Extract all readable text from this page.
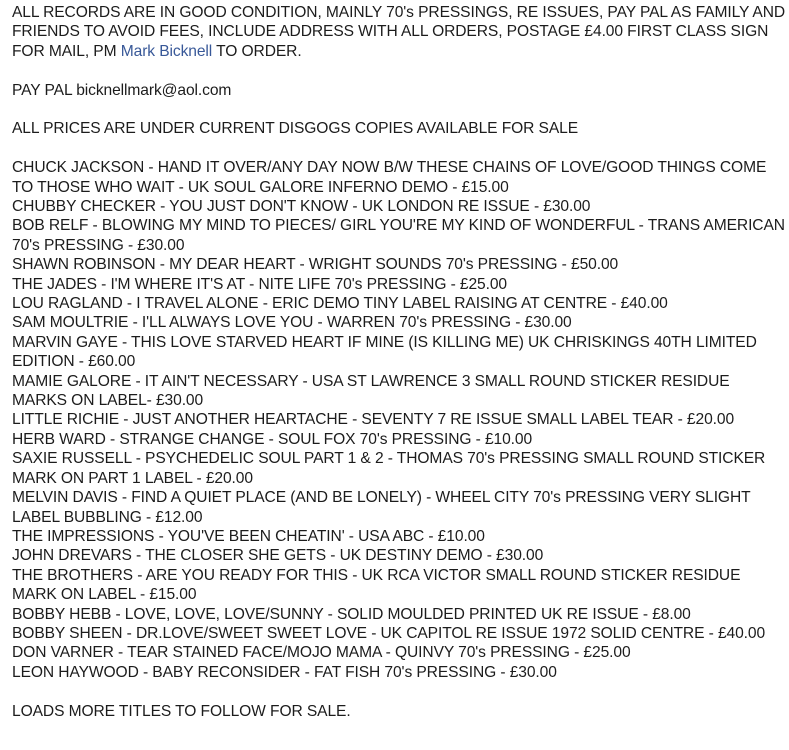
ALL RECORDS ARE IN GOOD CONDITION, MAINLY 70's PRESSINGS, RE ISSUES, PAY PAL AS FAMILY AND FRIENDS TO AVOID FEES, INCLUDE ADDRESS WITH ALL ORDERS, POSTAGE £4.00 FIRST CLASS SIGN FOR MAIL, PM Mark Bicknell TO ORDER.

PAY PAL bicknellmark@aol.com

ALL PRICES ARE UNDER CURRENT DISGOGS COPIES AVAILABLE FOR SALE

CHUCK JACKSON - HAND IT OVER/ANY DAY NOW B/W THESE CHAINS OF LOVE/GOOD THINGS COME TO THOSE WHO WAIT - UK SOUL GALORE INFERNO DEMO - £15.00

CHUBBY CHECKER - YOU JUST DON'T KNOW - UK LONDON RE ISSUE - £30.00

BOB RELF - BLOWING MY MIND TO PIECES/ GIRL YOU'RE MY KIND OF WONDERFUL - TRANS AMERICAN 70's PRESSING - £30.00

SHAWN ROBINSON - MY DEAR HEART - WRIGHT SOUNDS 70's PRESSING - £50.00

THE JADES - I'M WHERE IT'S AT - NITE LIFE 70's PRESSING - £25.00

LOU RAGLAND - I TRAVEL ALONE - ERIC DEMO TINY LABEL RAISING AT CENTRE - £40.00

SAM MOULTRIE - I'LL ALWAYS LOVE YOU - WARREN 70's PRESSING - £30.00

MARVIN GAYE - THIS LOVE STARVED HEART IF MINE (IS KILLING ME) UK CHRISKINGS 40TH LIMITED EDITION - £60.00

MAMIE GALORE - IT AIN'T NECESSARY - USA ST LAWRENCE 3 SMALL ROUND STICKER RESIDUE MARKS ON LABEL- £30.00

LITTLE RICHIE - JUST ANOTHER HEARTACHE - SEVENTY 7 RE ISSUE SMALL LABEL TEAR - £20.00

HERB WARD - STRANGE CHANGE - SOUL FOX 70's PRESSING - £10.00

SAXIE RUSSELL - PSYCHEDELIC SOUL PART 1 & 2 - THOMAS 70's PRESSING SMALL ROUND STICKER MARK ON PART 1 LABEL - £20.00

MELVIN DAVIS - FIND A QUIET PLACE (AND BE LONELY) - WHEEL CITY 70's PRESSING VERY SLIGHT LABEL BUBBLING - £12.00

THE IMPRESSIONS - YOU'VE BEEN CHEATIN' - USA ABC - £10.00

JOHN DREVARS - THE CLOSER SHE GETS - UK DESTINY DEMO - £30.00

THE BROTHERS - ARE YOU READY FOR THIS - UK RCA VICTOR SMALL ROUND STICKER RESIDUE MARK ON LABEL - £15.00

BOBBY HEBB - LOVE, LOVE, LOVE/SUNNY - SOLID MOULDED PRINTED UK RE ISSUE - £8.00

BOBBY SHEEN - DR.LOVE/SWEET SWEET LOVE - UK CAPITOL RE ISSUE 1972 SOLID CENTRE - £40.00

DON VARNER - TEAR STAINED FACE/MOJO MAMA - QUINVY 70's PRESSING - £25.00

LEON HAYWOOD - BABY RECONSIDER - FAT FISH 70's PRESSING - £30.00

LOADS MORE TITLES TO FOLLOW FOR SALE.
